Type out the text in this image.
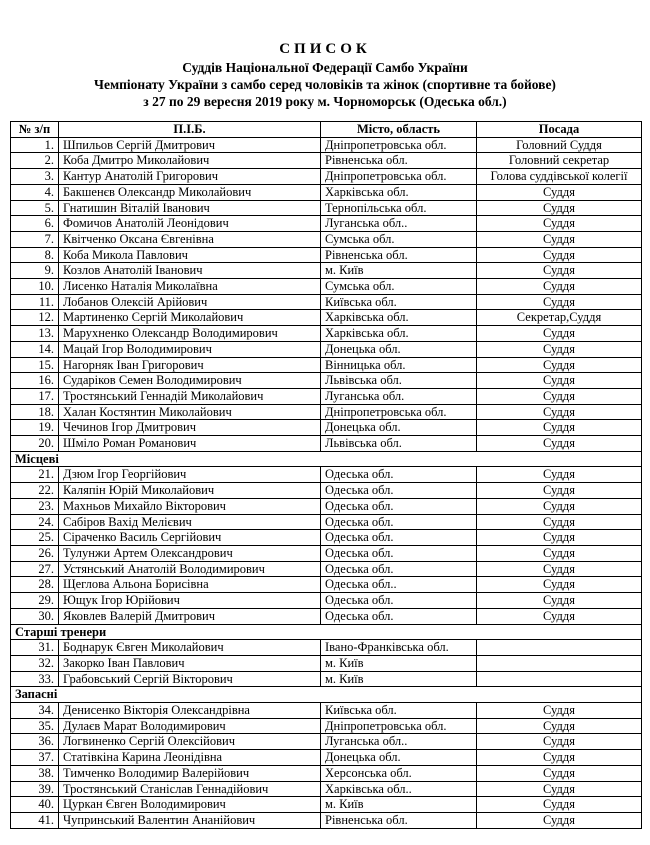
СПИСОК
Суддів Національної Федерації Самбо України
Чемпіонату України з самбо серед чоловіків та жінок (спортивне та бойове)
з 27 по 29 вересня 2019 року м. Чорноморськ (Одеська обл.)
№ з/п	П.І.Б.	Місто, область	Посада
1.	Шпильов Сергій Дмитрович	Дніпропетровська обл.	Головний Суддя
2.	Коба Дмитро Миколайович	Рівненська обл.	Головний секретар
3.	Кантур Анатолій Григорович	Дніпропетровська обл.	Голова суддівської колегії
4.	Бакшенєв Олександр Миколайович	Харківська обл.	Суддя
5.	Гнатишин Віталій Іванович	Тернопільська обл.	Суддя
6.	Фомичов Анатолій Леонідович	Луганська обл..	Суддя
7.	Квітченко Оксана Євгенівна	Сумська обл.	Суддя
8.	Коба Микола Павлович	Рівненська обл.	Суддя
9.	Козлов Анатолій Іванович	м. Київ	Суддя
10.	Лисенко Наталія Миколаївна	Сумська обл.	Суддя
11.	Лобанов Олексій Арійович	Київська обл.	Суддя
12.	Мартиненко Сергій Миколайович	Харківська обл.	Секретар,Суддя
13.	Марухненко Олександр Володимирович	Харківська обл.	Суддя
14.	Мацай Ігор Володимирович	Донецька обл.	Суддя
15.	Нагорняк Іван Григорович	Вінницька обл.	Суддя
16.	Сударіков Семен Володимирович	Львівська обл.	Суддя
17.	Тростянський Геннадій Миколайович	Луганська обл.	Суддя
18.	Халан Костянтин Миколайович	Дніпропетровська обл.	Суддя
19.	Чечинов Ігор Дмитрович	Донецька обл.	Суддя
20.	Шміло Роман Романович	Львівська обл.	Суддя
Місцеві			
21.	Дзюм Ігор Георгійович	Одеська обл.	Суддя
22.	Каляпін Юрій Миколайович	Одеська обл.	Суддя
23.	Махньов Михайло Вікторович	Одеська обл.	Суддя
24.	Сабіров Вахід Мелієвич	Одеська обл.	Суддя
25.	Сіраченко Василь Сергійович	Одеська обл.	Суддя
26.	Тулунжи Артем Олександрович	Одеська обл.	Суддя
27.	Устянський Анатолій Володимирович	Одеська обл.	Суддя
28.	Щеглова Альона Борисівна	Одеська обл..	Суддя
29.	Ющук Ігор Юрійович	Одеська обл.	Суддя
30.	Яковлев Валерій Дмитрович	Одеська обл.	Суддя
Старші тренери			
31.	Боднарук Євген Миколайович	Івано-Франківська обл.	
32.	Закорко Іван Павлович	м. Київ	
33.	Грабовський Сергій Вікторович	м. Київ	
Запасні			
34.	Денисенко Вікторія Олександрівна	Київська обл.	Суддя
35.	Дулаєв Марат Володимирович	Дніпропетровська обл.	Суддя
36.	Логвиненко Сергій Олексійович	Луганська обл..	Суддя
37.	Статівкіна Карина Леонідівна	Донецька обл.	Суддя
38.	Тимченко Володимир Валерійович	Херсонська обл.	Суддя
39.	Тростянський Станіслав Геннадійович	Харківська обл..	Суддя
40.	Цуркан Євген Володимирович	м. Київ	Суддя
41.	Чупринський Валентин Ананійович	Рівненська обл.	Суддя
